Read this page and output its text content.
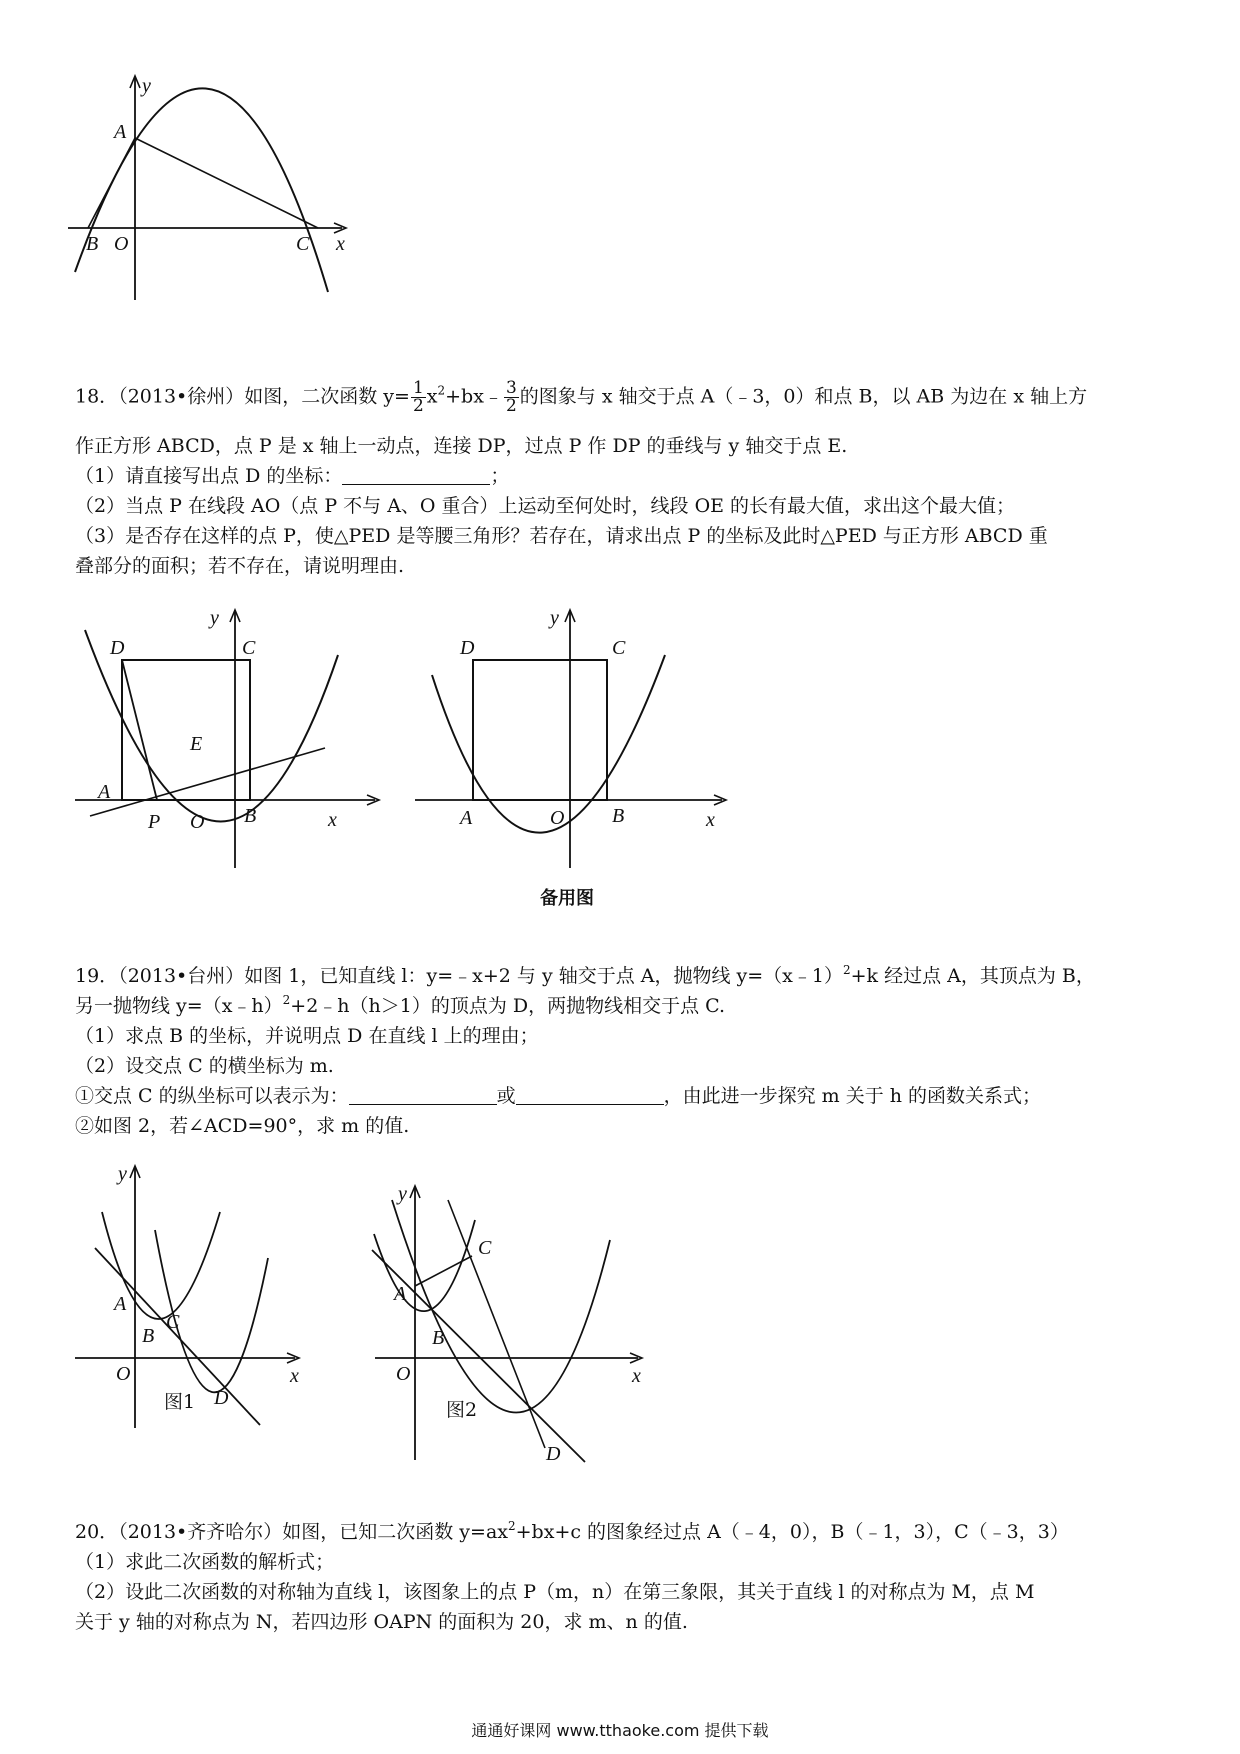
y
A
B O	C x
18．（2013•徐州）如图，二次函数 $y= \frac{1}{2}$ $x^2+bx﹣ \frac{3}{2}$ 的图象与 x 轴交于点 A（﹣3，0）和点 B，以 AB 为边在 x 轴上方
作正方形 ABCD，点 P 是 x 轴上一动点，连接 DP，过点 P 作 DP 的垂线与 y 轴交于点 E.
（1）请直接写出点 D 的坐标：	；
（2）当点 P 在线段 AO（点 P 不与 A、O 重合）上运动至何处时，线段 OE 的长有最大值，求出这个最大值；
（3）是否存在这样的点 P，使△PED 是等腰三角形？若存在，请求出点 P 的坐标及此时△PED 与正方形 ABCD 重
叠部分的面积；若不存在，请说明理由.
y
D	C
E
A
P O B	x
y
D	C
A	O B	x
备用图
19．（2013•台州）如图 1，已知直线 l：y=﹣x+2 与 y 轴交于点 A，抛物线 y=（x﹣1）$^2$+k 经过点 A，其顶点为 B，
另一抛物线 y=（x﹣h）$^2$+2﹣h（h＞1）的顶点为 D，两抛物线相交于点 C.
（1）求点 B 的坐标，并说明点 D 在直线 l 上的理由；
（2）设交点 C 的横坐标为 m.
①交点 C 的纵坐标可以表示为：	或	，由此进一步探究 m 关于 h 的函数关系式；
②如图 2，若∠ACD=90°，求 m 的值.
y
A
B
C
O
D
x
图1
y
C
A
B
O	x
图2
D
20．（2013•齐齐哈尔）如图，已知二次函数 $y=ax^2+bx+c$ 的图象经过点 A（﹣4，0），B（﹣1，3），C（﹣3，3）
（1）求此二次函数的解析式；
（2）设此二次函数的对称轴为直线 l，该图象上的点 P（m，n）在第三象限，其关于直线 l 的对称点为 M，点 M
关于 y 轴的对称点为 N，若四边形 OAPN 的面积为 20，求 m、n 的值.
通通好课网 www.tthaoke.com 提供下载
